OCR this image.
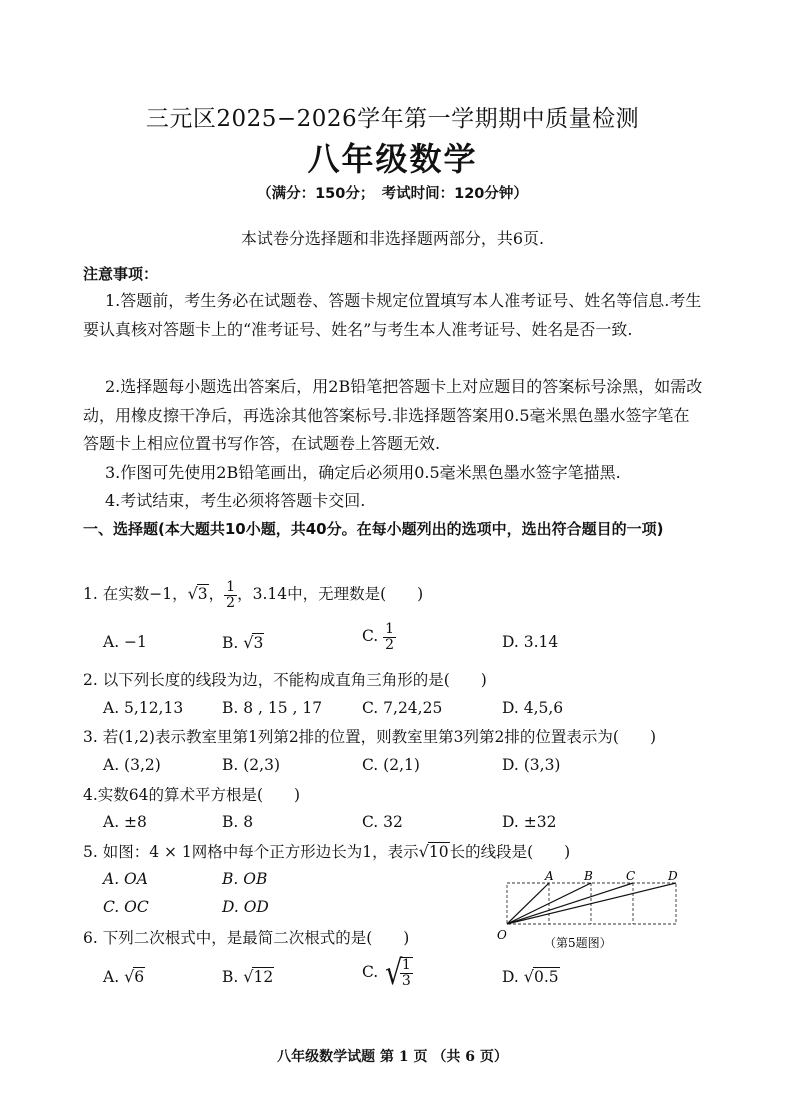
三元区2025−2026学年第一学期期中质量检测
八年级数学
（满分：150分；　考试时间：120分钟）
本试卷分选择题和非选择题两部分，共6页.
注意事项：
1.答题前，考生务必在试题卷、答题卡规定位置填写本人准考证号、姓名等信息.考生要认真核对答题卡上的“准考证号、姓名”与考生本人准考证号、姓名是否一致.
2.选择题每小题选出答案后，用2B铅笔把答题卡上对应题目的答案标号涂黑，如需改动，用橡皮擦干净后，再选涂其他答案标号.非选择题答案用0.5毫米黑色墨水签字笔在答题卡上相应位置书写作答，在试题卷上答题无效.
3.作图可先使用2B铅笔画出，确定后必须用0.5毫米黑色墨水签字笔描黑.
4.考试结束，考生必须将答题卡交回.
一、选择题(本大题共10小题，共40分。在每小题列出的选项中，选出符合题目的一项)
1. 在实数−1，√3， $\frac{1}{2}$ ，3.14中，无理数是(　　)
A. −1	B. √3	C. $\frac{1}{2}$	D. 3.14
2. 以下列长度的线段为边，不能构成直角三角形的是(　　)
A. 5,12,13	B. 8 , 15 , 17	C. 7,24,25	D. 4,5,6
3. 若(1,2)表示教室里第1列第2排的位置，则教室里第3列第2排的位置表示为(　　)
A. (3,2)	B. (2,3)	C. (2,1)	D. (3,3)
4.实数64的算术平方根是(　　)
A. ±8	B. 8	C. 32	D. ±32
5. 如图：4 × 1网格中每个正方形边长为1，表示√10长的线段是(　　)
A. OA	B. OB
C. OC	D. OD
O
A	B	C	D
（第5题图）
6. 下列二次根式中，是最简二次根式的是(　　)
A. √6	B. √12	C. √
$\frac{1}{3}$	D. √0.5
八年级数学试题 第 1 页 （共 6 页）
